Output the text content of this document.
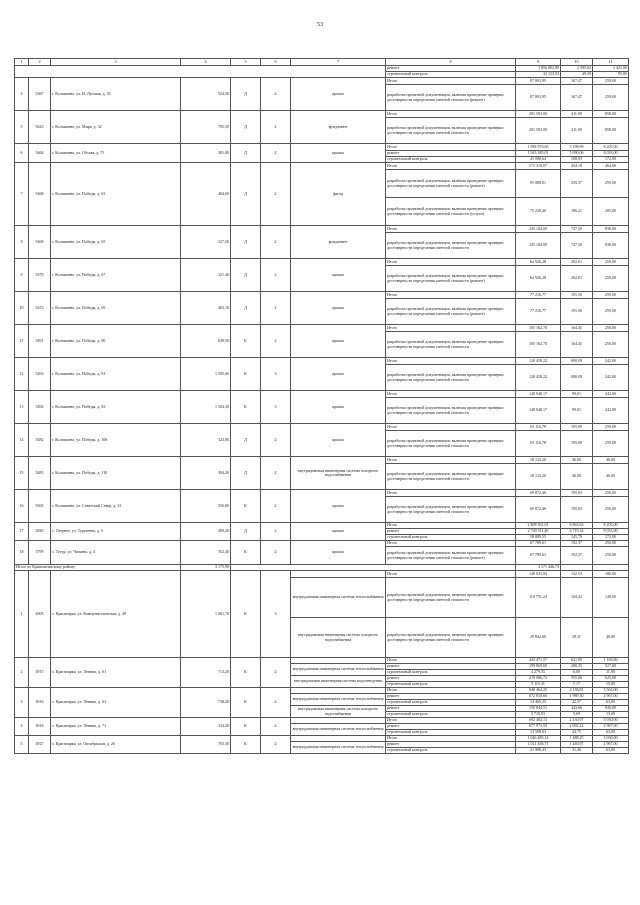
53
1	2	3	4	5	6	7	8	9	10	11
							ремонт	1 856 802,80	2 305,62	1 421,00
							строительный контроль	32 153,53	49,39	95,00
4	5367	г. Колпашево, ул. И. Луговая, д. 35	524,30	Д	2	крыша	Итого	87 803,95	167,47	259,00
							разработка проектной документации, включая проведение проверки достоверности определения сметной стоимости (ремонт)	87 803,95	167,47	259,00
5	5623	г. Колпашево, ул. Мира, д. 32	705,50	Д	2	фундамент	Итого	291 593,00	411,00	858,00
							разработка проектной документации, включая проведение проверки достоверности определения сметной стоимости	291 593,00	411,00	858,00
6	5464	г. Колпашево, ул. Обская, д. 75	381,80	Д	2	крыша	Итого	1 984 973,65	5 198,99	8 205,00
							ремонт	1 943 385,01	5 090,06	8 033,00
							строительный контроль	41 588,64	108,93	172,00
7	5468	г. Колпашево, ул. Победы, д. 63	404,00	Д	2	фасад	Итого	171 319,07	424,18	464,00
							разработка проектной документации, включая проведение проверки достоверности определения сметной стоимости (ремонт)	95 088,81	235,37	259,00
							разработка проектной документации, включая проведение проверки достоверности определения сметной стоимости (услуги)	75 230,46	186,21	205,00
8	5469	г. Колпашево, ул. Победы, д. 65	327,50	Д	2	фундамент	Итого	245 104,00	747,50	830,00
							разработка проектной документации, включая проведение проверки достоверности определения сметной стоимости	245 104,00	747,50	830,00
9	5470	г. Колпашево, ул. Победы, д. 67	321,40	Д	2	крыша	Итого	64 926,28	202,01	259,00
							разработка проектной документации, включая проведение проверки достоверности определения сметной стоимости (ремонт)	64 926,28	202,01	259,00
10	5473	г. Колпашево, ул. Победы, д. 69	403,10	Д	2	крыша	Итого	77 216,77	191,56	259,00
							разработка проектной документации, включая проведение проверки достоверности определения сметной стоимости (ремонт)	77 216,77	191,56	259,00
11	5491	г. Колпашево, ул. Победы, д. 80	639,50	К	2	крыша	Итого	105 162,70	164,45	250,00
							разработка проектной документации, включая проведение проверки достоверности определения сметной стоимости	105 162,70	164,45	250,00
12	5493	г. Колпашево, ул. Победы, д. 81	1 505,60	К	3	крыша	Итого	120 458,22	080,09	242,00
							разработка проектной документации, включая проведение проверки достоверности определения сметной стоимости	120 458,22	080,09	242,00
13	5494	г. Колпашево, ул. Победы, д. 83	1 504,30	К	3	крыша	Итого	148 948,17	99,01	242,00
							разработка проектной документации, включая проведение проверки достоверности определения сметной стоимости	148 948,17	99,01	242,00
14	5482	г. Колпашево, ул. Победы, д. 106	323,80	Д	2	крыша	Итого	63 116,78	195,09	259,00
							разработка проектной документации, включая проведение проверки достоверности определения сметной стоимости	63 116,78	195,09	259,00
15	5485	г. Колпашево, ул. Победы, д. 110	394,20	Д	2	внутридомовая инженерная система холодного водоснабжения	Итого	18 133,20	46,00	46,00
							разработка проектной документации, включая проведение проверки достоверности определения сметной стоимости	18 133,20	46,00	46,00
16	5565	г. Колпашево, ул. Советский Север, д. 33	356,80	К	2	крыша	Итого	69 872,46	195,83	250,00
							разработка проектной документации, включая проведение проверки достоверности определения сметной стоимости	69 872,46	195,83	250,00
17	5820	с. Озерное, ул. Тургенева, д. 5	409,20	Д	2	крыша	Итого	2 808 561,01	6 863,63	8 205,00
							ремонт	2 749 511,46	6 719,34	8 033,00
							строительный контроль	58 889,55	145,79	172,00
18	5799	с. Тогур, ул. Чапаева, д. 4	352,40	К	2	крыша	Итого	67 789,61	192,37	250,00
							разработка проектной документации, включая проведение проверки достоверности определения сметной стоимости (ремонт)	67 789,61	192,37	250,00
Итого по Кривошеинскому району			3 175,90					3 171 446,73		
1	4905	с. Красноярка, ул. Коммунистическая, д. 49	1 061,70	К	3		Итого	140 033,84	132,53	180,00
						внутридомовая инженерная система теплоснабжения	разработка проектной документации, включая проведение проверки достоверности определения сметной стоимости	110 751,24	104,42	140,00
						внутридомовая инженерная система холодного водоснабжения	разработка проектной документации, включая проведение проверки достоверности определения сметной стоимости	29 842,60	28,11	40,00
2	4915	с. Красноярка, ул. Ленина, д. 61	713,20	К	2		Итого	443 471,57	621,80	1 169,00
						внутридомовая инженерная система теплоснабжения	ремонт	199 869,69	280,25	527,00
							строительный контроль	4 279,55	6,00	11,00
						внутридомовая инженерная система водоотведения	ремонт	219 086,72	555,06	625,00
							строительный контроль	5 115,31	7,17	15,00
3	4916	с. Красноярка, ул. Ленина, д. 63	738,20	К	2		Итого	840 464,25	2 138,81	3 563,00
						внутридомовая инженерная система теплоснабжения	ремонт	672 810,66	1 989,30	2 967,00
							строительный контроль	14 465,25	42,57	63,00
						внутридомовая инженерная система холодного водоснабжения	ремонт	150 044,51	443,66	830,00
							строительный контроль	3 710,93	9,69	13,00
4	4918	с. Красноярка, ул. Ленина, д. 71	334,20	К	2		Итого	692 482,13	2 130,97	3 030,00
						внутридомовая инженерная система теплоснабжения	ремонт	677 973,50	2 092,22	2 967,00
							строительный контроль	14 508,63	44,75	63,00
5	4927	с. Красноярка, ул. Октябрьская, д. 26	703,30	К	2		Итого	1 046 485,14	1 488,25	3 030,00
						внутридомовая инженерная система теплоснабжения	ремонт	1 021 456,71	1 440,97	2 967,00
							строительный контроль	21 988,43	31,46	63,00
